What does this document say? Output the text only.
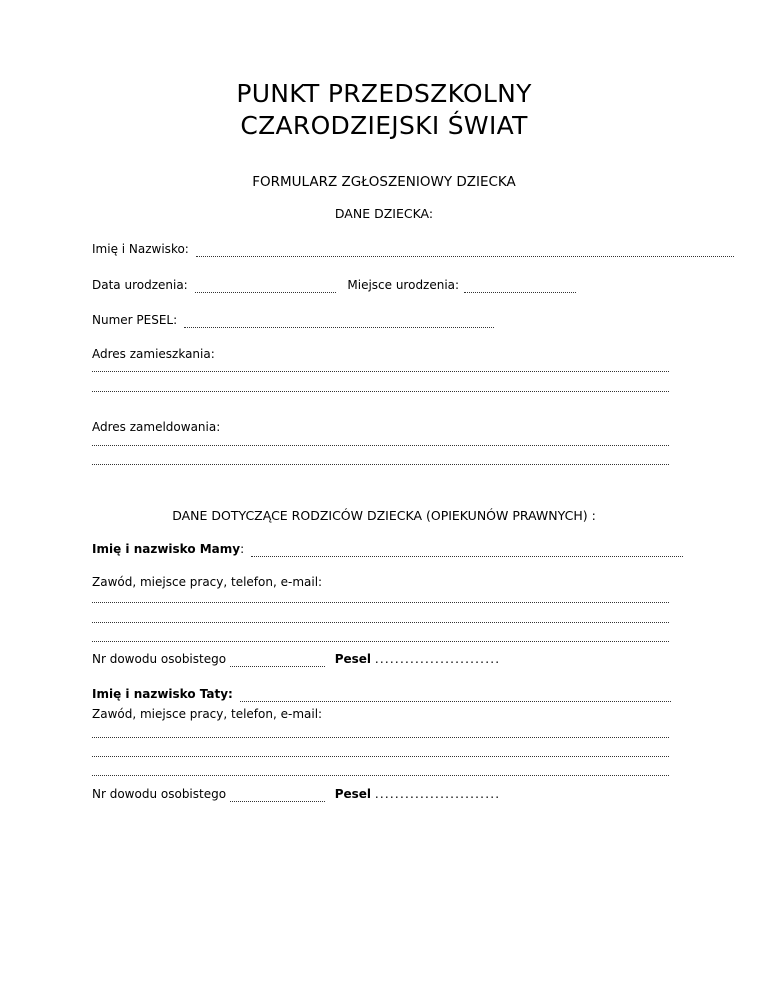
PUNKT PRZEDSZKOLNY
CZARODZIEJSKI ŚWIAT
FORMULARZ ZGŁOSZENIOWY DZIECKA
DANE DZIECKA:
Imię i Nazwisko:
Data urodzenia:	Miejsce urodzenia:
Numer PESEL:
Adres zamieszkania:
Adres zameldowania:
DANE DOTYCZĄCE RODZICÓW DZIECKA (OPIEKUNÓW PRAWNYCH) :
Imię i nazwisko Mamy:
Zawód, miejsce pracy, telefon, e-mail:
Nr dowodu osobistego	Pesel .........................
Imię i nazwisko Taty:
Zawód, miejsce pracy, telefon, e-mail:
Nr dowodu osobistego	Pesel .........................
